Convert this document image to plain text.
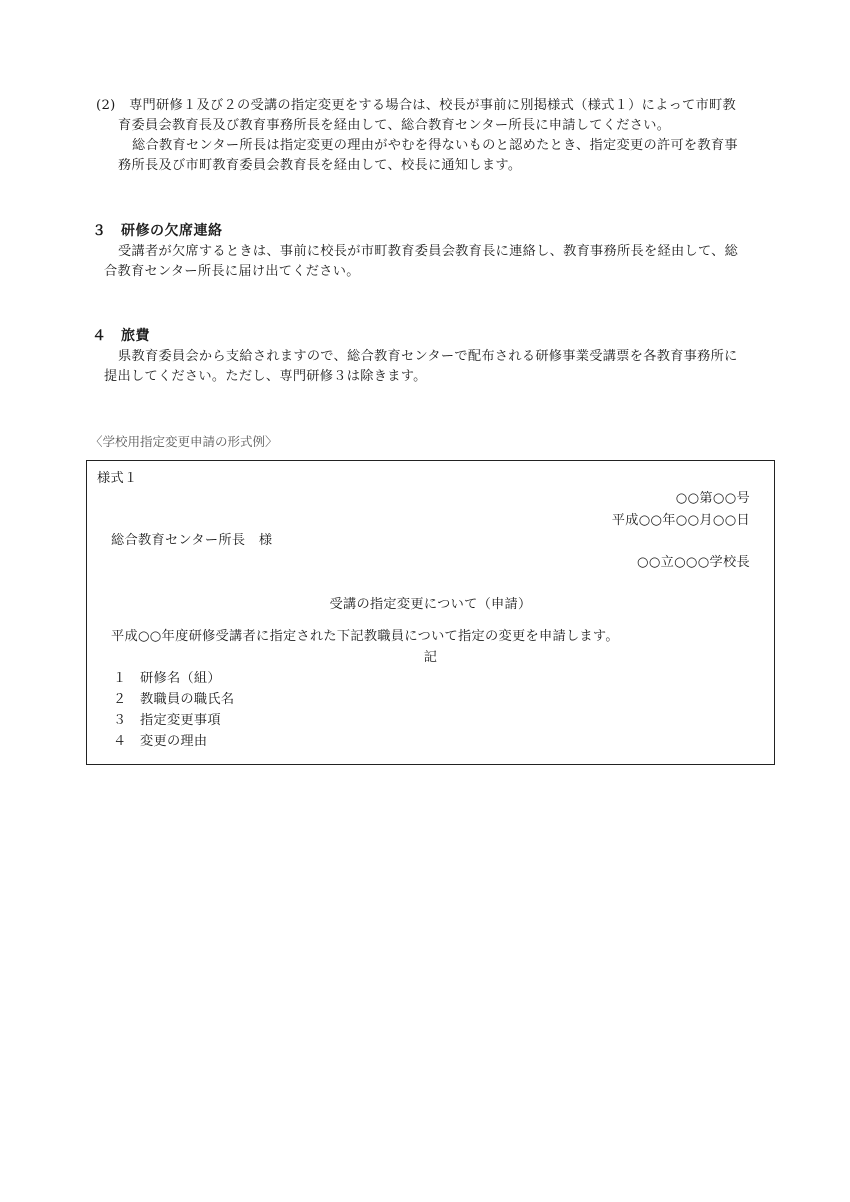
(2)　専門研修１及び２の受講の指定変更をする場合は、校長が事前に別掲様式（様式１）によって市町教
育委員会教育長及び教育事務所長を経由して、総合教育センター所長に申請してください。
総合教育センター所長は指定変更の理由がやむを得ないものと認めたとき、指定変更の許可を教育事
務所長及び市町教育委員会教育長を経由して、校長に通知します。
３　研修の欠席連絡
受講者が欠席するときは、事前に校長が市町教育委員会教育長に連絡し、教育事務所長を経由して、総
合教育センター所長に届け出てください。
４　旅費
県教育委員会から支給されますので、総合教育センターで配布される研修事業受講票を各教育事務所に
提出してください。ただし、専門研修３は除きます。
〈学校用指定変更申請の形式例〉
様式１
○○第○○号
平成○○年○○月○○日
総合教育センター所長　様
○○立○○○学校長
受講の指定変更について（申請）
平成○○年度研修受講者に指定された下記教職員について指定の変更を申請します。
記
１　研修名（組）
２　教職員の職氏名
３　指定変更事項
４　変更の理由
